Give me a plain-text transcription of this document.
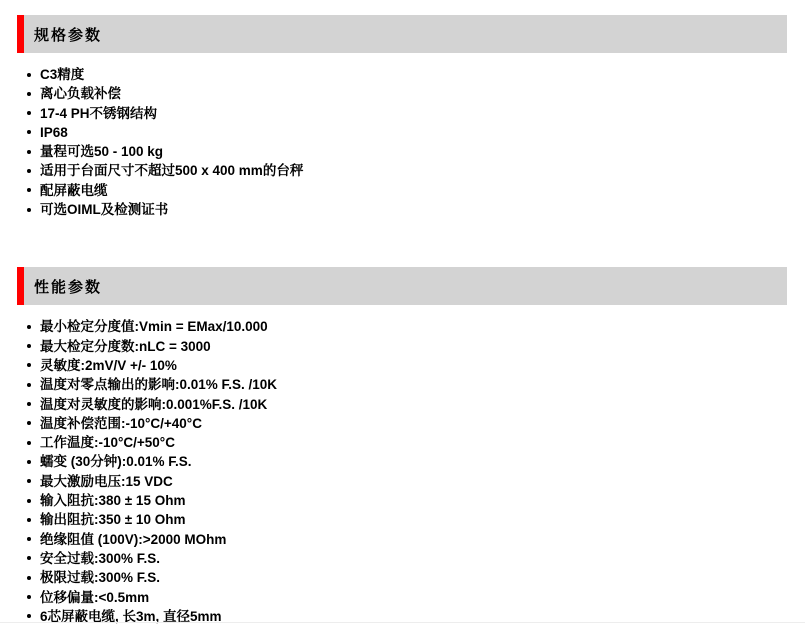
规格参数
C3精度
离心负载补偿
17-4 PH不锈钢结构
IP68
量程可选50 - 100 kg
适用于台面尺寸不超过500 x 400 mm的台秤
配屏蔽电缆
可选OIML及检测证书
性能参数
最小检定分度值:Vmin = EMax/10.000
最大检定分度数:nLC = 3000
灵敏度:2mV/V +/- 10%
温度对零点输出的影响:0.01% F.S. /10K
温度对灵敏度的影响:0.001%F.S. /10K
温度补偿范围:-10°C/+40°C
工作温度:-10°C/+50°C
蠕变 (30分钟):0.01% F.S.
最大激励电压:15 VDC
输入阻抗:380 ± 15 Ohm
输出阻抗:350 ± 10 Ohm
绝缘阻值 (100V):>2000 MOhm
安全过载:300% F.S.
极限过载:300% F.S.
位移偏量:<0.5mm
6芯屏蔽电缆, 长3m, 直径5mm
